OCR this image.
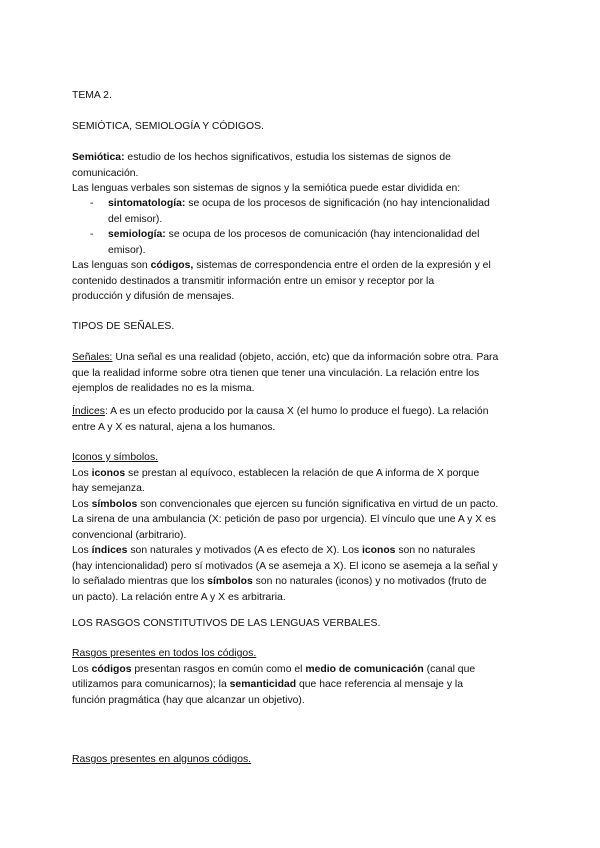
TEMA 2.
SEMIÓTICA, SEMIOLOGÍA Y CÓDIGOS.
Semiótica: estudio de los hechos significativos, estudia los sistemas de signos de
comunicación.
Las lenguas verbales son sistemas de signos y la semiótica puede estar dividida en:
- sintomatología: se ocupa de los procesos de significación (no hay intencionalidad
del emisor).
- semiología: se ocupa de los procesos de comunicación (hay intencionalidad del
emisor).
Las lenguas son códigos, sistemas de correspondencia entre el orden de la expresión y el
contenido destinados a transmitir información entre un emisor y receptor por la
producción y difusión de mensajes.
TIPOS DE SEÑALES.
Señales: Una señal es una realidad (objeto, acción, etc) que da información sobre otra. Para
que la realidad informe sobre otra tienen que tener una vinculación. La relación entre los
ejemplos de realidades no es la misma.
Índices: A es un efecto producido por la causa X (el humo lo produce el fuego). La relación
entre A y X es natural, ajena a los humanos.
Iconos y símbolos.
Los iconos se prestan al equívoco, establecen la relación de que A informa de X porque
hay semejanza.
Los símbolos son convencionales que ejercen su función significativa en virtud de un pacto.
La sirena de una ambulancia (X: petición de paso por urgencia). El vínculo que une A y X es
convencional (arbitrario).
Los índices son naturales y motivados (A es efecto de X). Los iconos son no naturales
(hay intencionalidad) pero sí motivados (A se asemeja a X). El icono se asemeja a la señal y
lo señalado mientras que los símbolos son no naturales (iconos) y no motivados (fruto de
un pacto). La relación entre A y X es arbitraria.
LOS RASGOS CONSTITUTIVOS DE LAS LENGUAS VERBALES.
Rasgos presentes en todos los códigos.
Los códigos presentan rasgos en común como el medio de comunicación (canal que
utilizamos para comunicarnos); la semanticidad que hace referencia al mensaje y la
función pragmática (hay que alcanzar un objetivo).
Rasgos presentes en algunos códigos.
